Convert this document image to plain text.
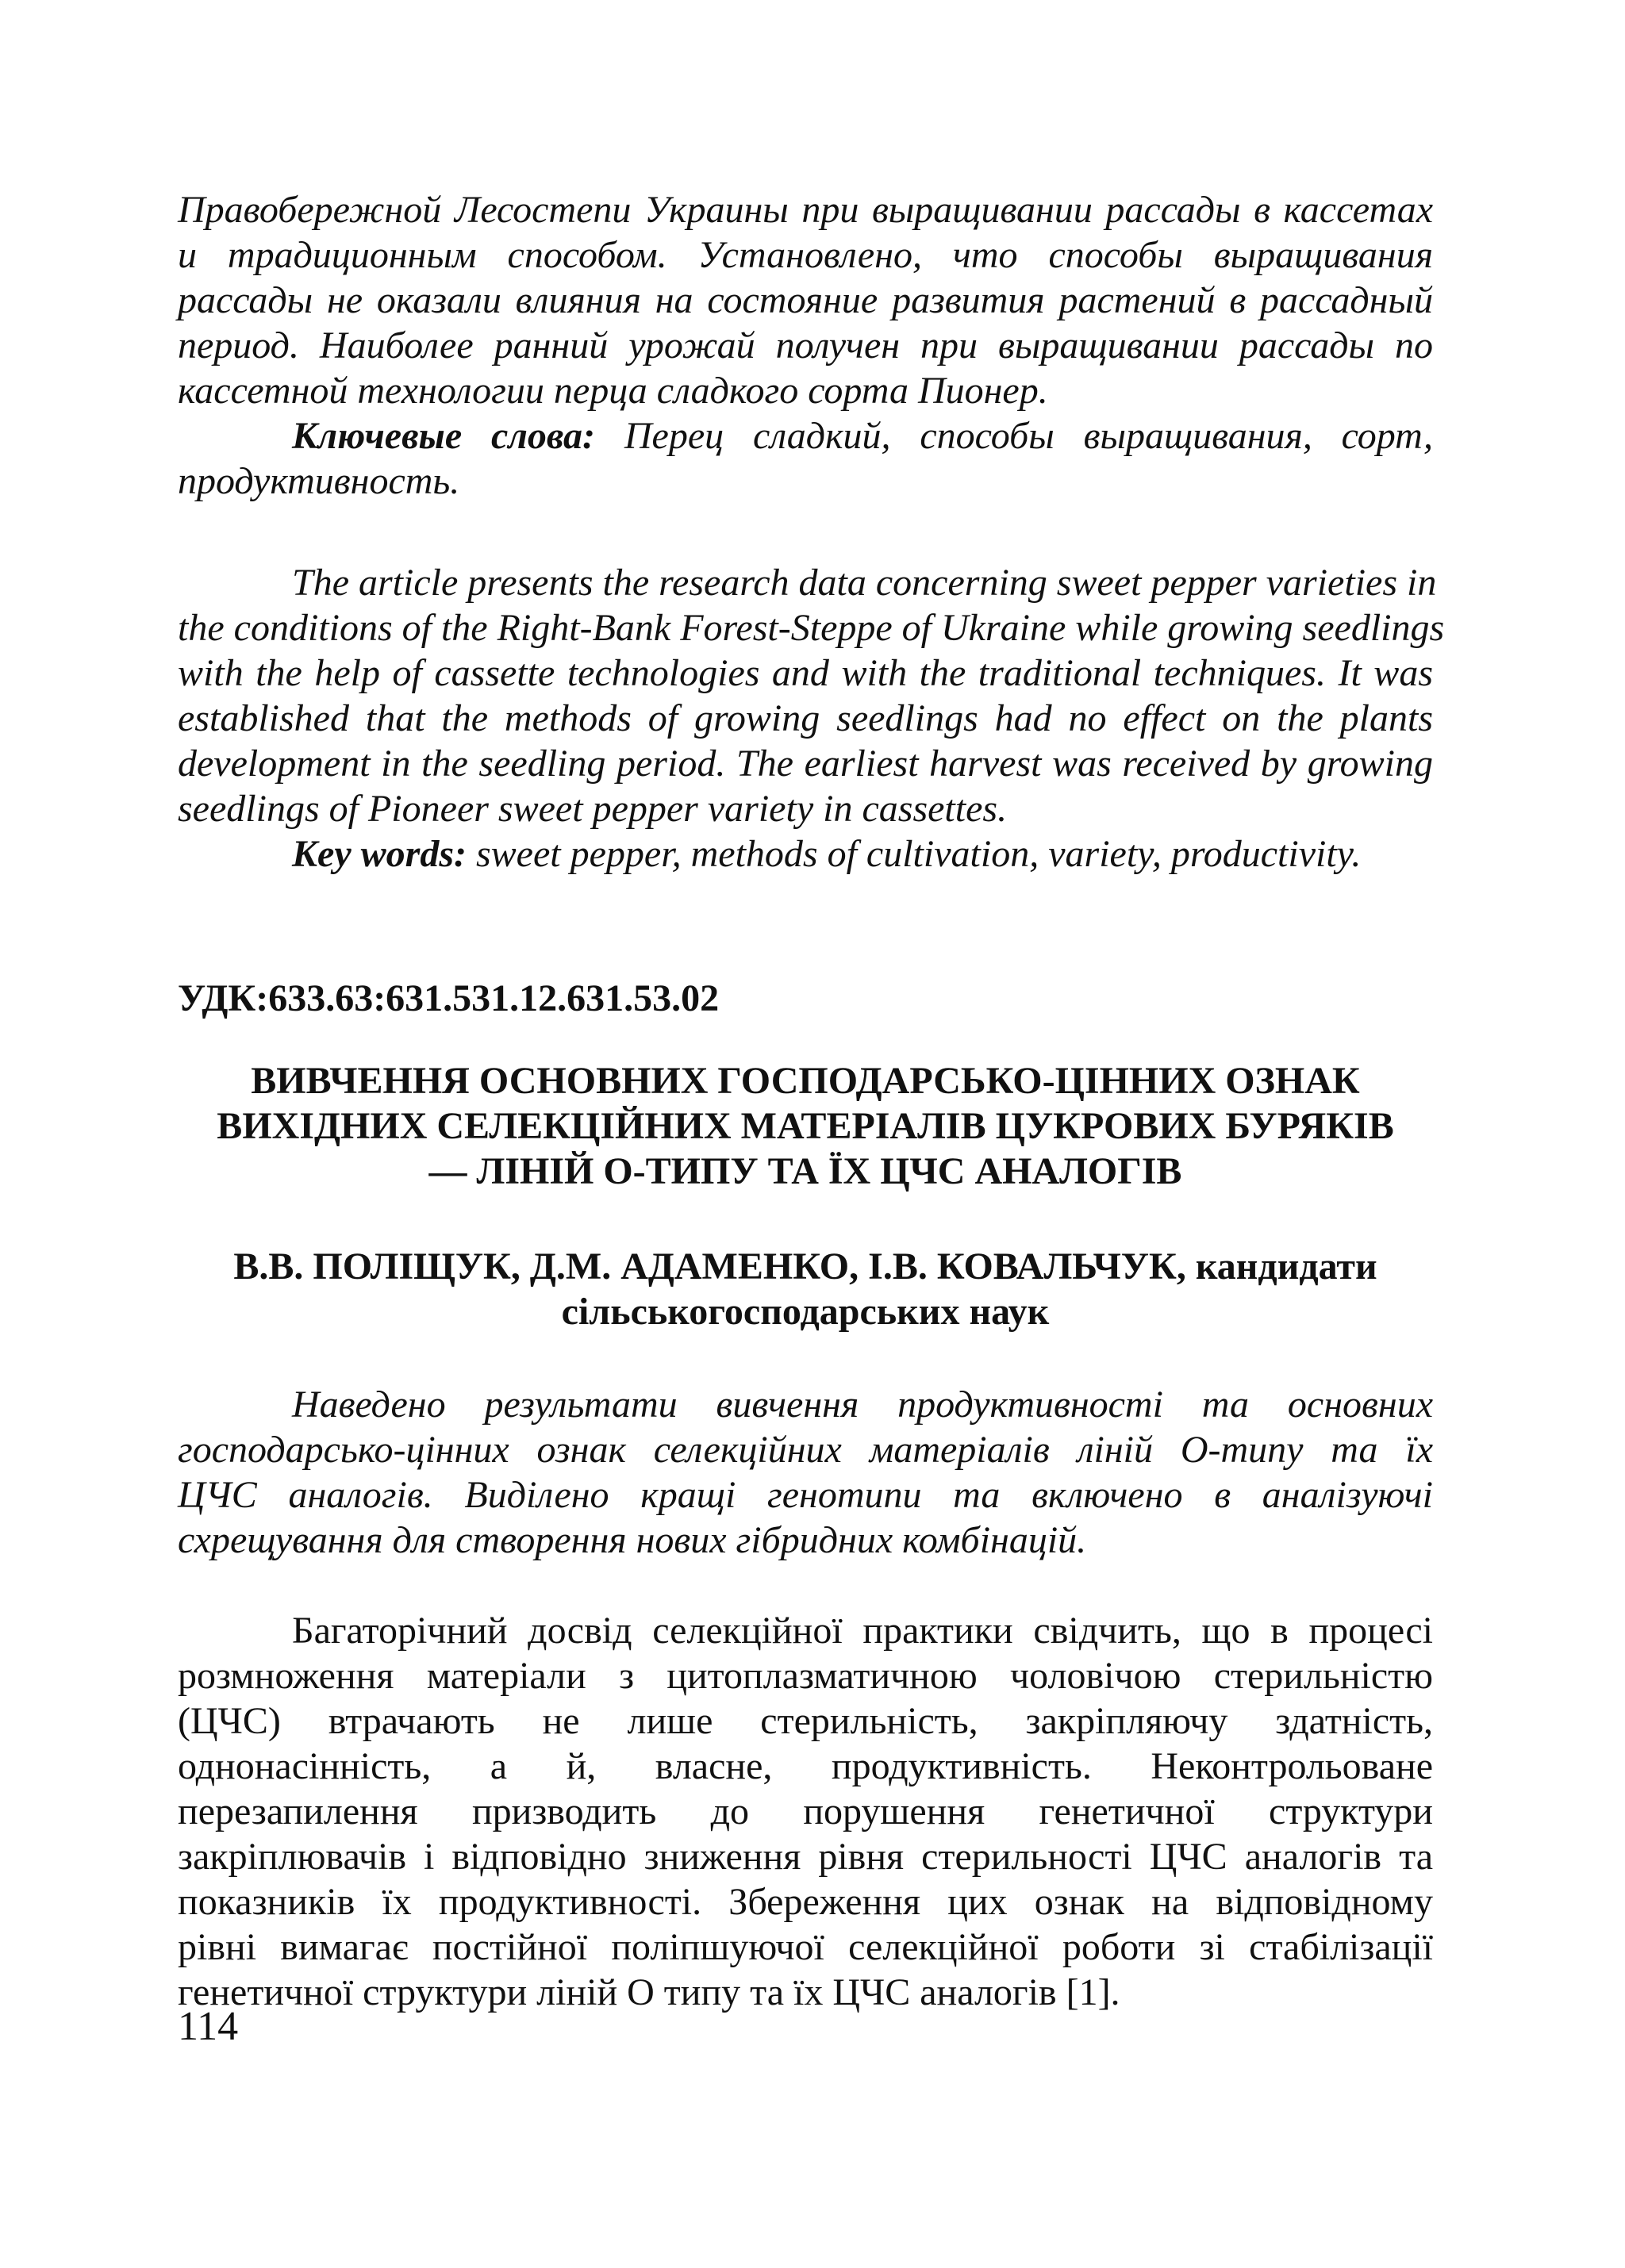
Правобережной Лесостепи Украины при выращивании рассады в кассетах
и традиционным способом. Установлено, что способы выращивания
рассады не оказали влияния на состояние развития растений в рассадный
период. Наиболее ранний урожай получен при выращивании рассады по
кассетной технологии перца сладкого сорта Пионер.
Ключевые слова: Перец сладкий, способы выращивания, сорт,
продуктивность.
The article presents the research data concerning sweet pepper varieties in
the conditions of the Right-Bank Forest-Steppe of Ukraine while growing seedlings
with the help of cassette technologies and with the traditional techniques. It was
established that the methods of growing seedlings had no effect on the plants
development in the seedling period. The earliest harvest was received by growing
seedlings of Pioneer sweet pepper variety in cassettes.
Key words: sweet pepper, methods of cultivation, variety, productivity.
УДК:633.63:631.531.12.631.53.02
ВИВЧЕННЯ ОСНОВНИХ ГОСПОДАРСЬКО-ЦІННИХ ОЗНАК
ВИХІДНИХ СЕЛЕКЦІЙНИХ МАТЕРІАЛІВ ЦУКРОВИХ БУРЯКІВ
— ЛІНІЙ О-ТИПУ ТА ЇХ ЦЧС АНАЛОГІВ
В.В. ПОЛІЩУК, Д.М. АДАМЕНКО, І.В. КОВАЛЬЧУК, кандидати
сільськогосподарських наук
Наведено результати вивчення продуктивності та основних
господарсько-цінних ознак селекційних матеріалів ліній О-типу та їх
ЦЧС аналогів. Виділено кращі генотипи та включено в аналізуючі
схрещування для створення нових гібридних комбінацій.
Багаторічний досвід селекційної практики свідчить, що в процесі
розмноження матеріали з цитоплазматичною чоловічою стерильністю
(ЦЧС) втрачають не лише стерильність, закріпляючу здатність,
однонасінність, а й, власне, продуктивність. Неконтрольоване
перезапилення призводить до порушення генетичної структури
закріплювачів і відповідно зниження рівня стерильності ЦЧС аналогів та
показників їх продуктивності. Збереження цих ознак на відповідному
рівні вимагає постійної поліпшуючої селекційної роботи зі стабілізації
генетичної структури ліній О типу та їх ЦЧС аналогів [1].
114
